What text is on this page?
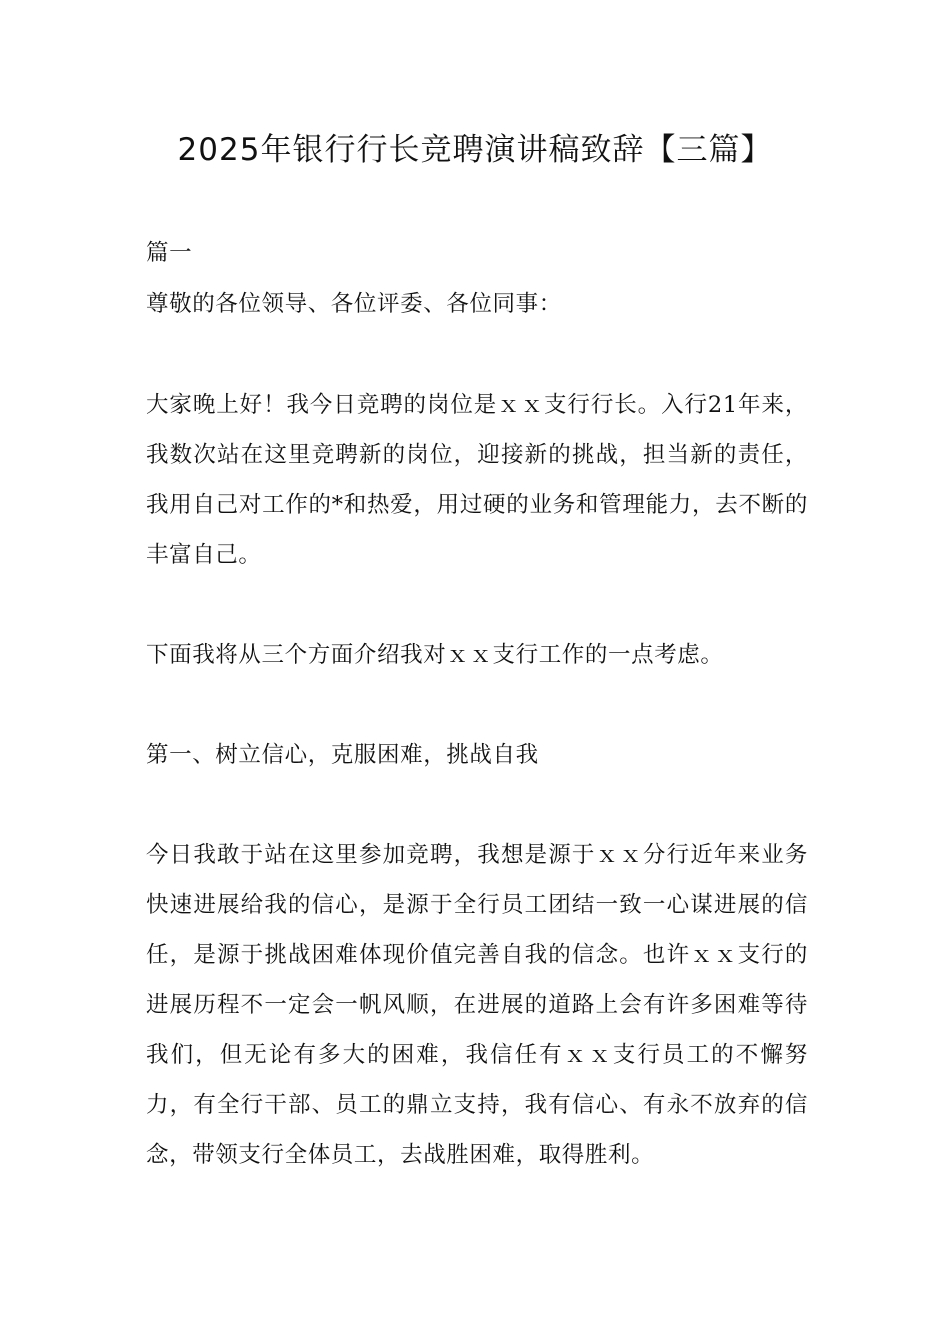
2025年银行行长竞聘演讲稿致辞【三篇】

篇一

尊敬的各位领导、各位评委、各位同事：

大家晚上好！我今日竞聘的岗位是ｘｘ支行行长。入行21年来，我数次站在这里竞聘新的岗位，迎接新的挑战，担当新的责任，我用自己对工作的*和热爱，用过硬的业务和管理能力，去不断的丰富自己。

下面我将从三个方面介绍我对ｘｘ支行工作的一点考虑。

第一、树立信心，克服困难，挑战自我

今日我敢于站在这里参加竞聘，我想是源于ｘｘ分行近年来业务快速进展给我的信心，是源于全行员工团结一致一心谋进展的信任，是源于挑战困难体现价值完善自我的信念。也许ｘｘ支行的进展历程不一定会一帆风顺，在进展的道路上会有许多困难等待我们，但无论有多大的困难，我信任有ｘｘ支行员工的不懈努力，有全行干部、员工的鼎立支持，我有信心、有永不放弃的信念，带领支行全体员工，去战胜困难，取得胜利。
